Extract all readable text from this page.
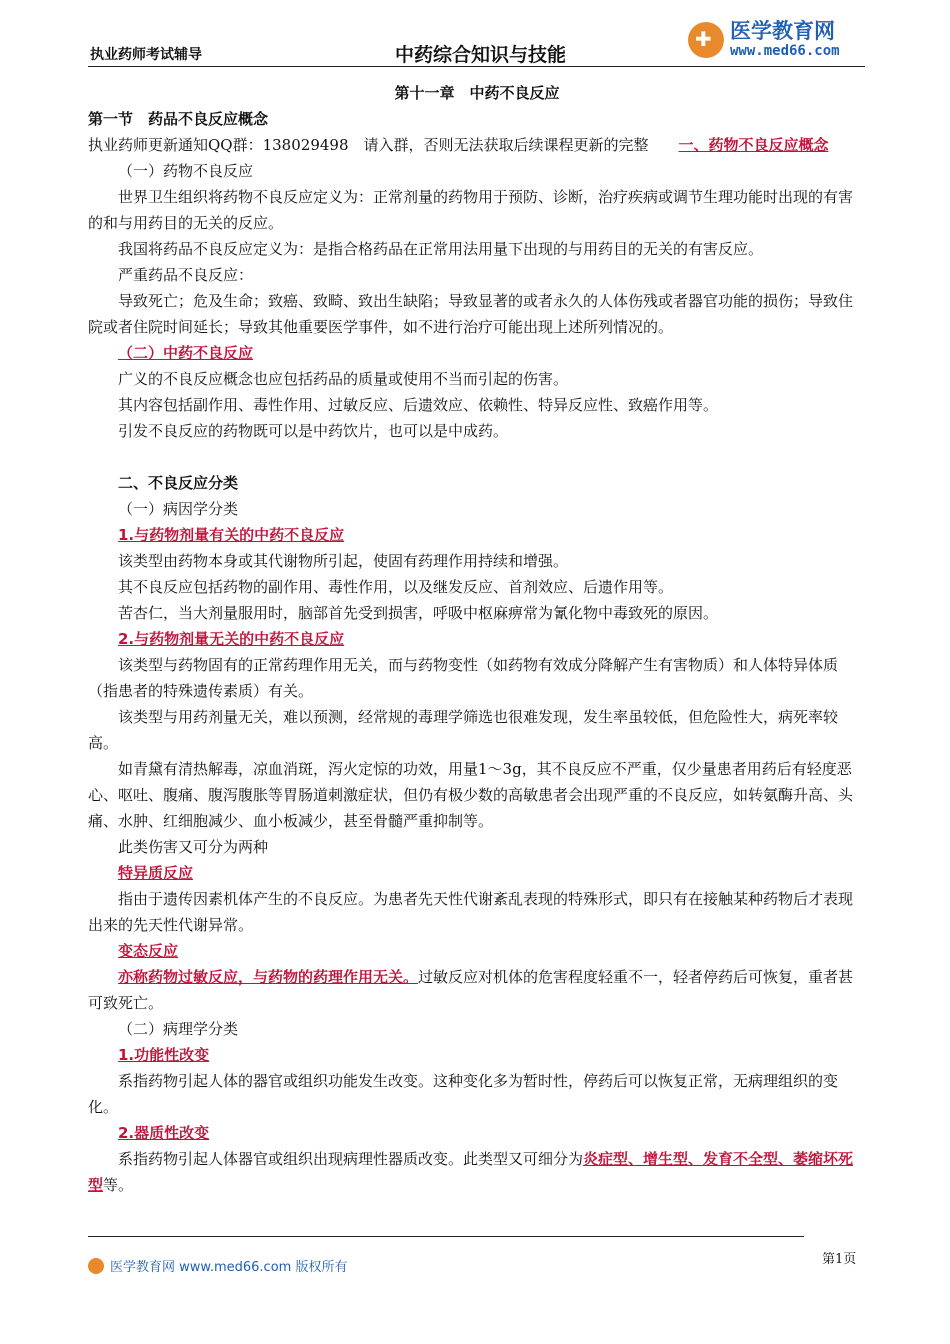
执业药师考试辅导	中药综合知识与技能
✚ 医学教育网
www.med66.com

第十一章　中药不良反应

第一节　药品不良反应概念

执业药师更新通知QQ群：138029498　请入群，否则无法获取后续课程更新的完整　　 一、药物不良反应概念

（一）药物不良反应

世界卫生组织将药物不良反应定义为：正常剂量的药物用于预防、诊断，治疗疾病或调节生理功能时出现的有害的和与用药目的无关的反应。

我国将药品不良反应定义为：是指合格药品在正常用法用量下出现的与用药目的无关的有害反应。

严重药品不良反应：

导致死亡；危及生命；致癌、致畸、致出生缺陷；导致显著的或者永久的人体伤残或者器官功能的损伤；导致住院或者住院时间延长；导致其他重要医学事件，如不进行治疗可能出现上述所列情况的。

（二）中药不良反应

广义的不良反应概念也应包括药品的质量或使用不当而引起的伤害。

其内容包括副作用、毒性作用、过敏反应、后遗效应、依赖性、特异反应性、致癌作用等。

引发不良反应的药物既可以是中药饮片，也可以是中成药。

二、不良反应分类

（一）病因学分类

1.与药物剂量有关的中药不良反应

该类型由药物本身或其代谢物所引起，使固有药理作用持续和增强。

其不良反应包括药物的副作用、毒性作用，以及继发反应、首剂效应、后遗作用等。

苦杏仁，当大剂量服用时，脑部首先受到损害，呼吸中枢麻痹常为氰化物中毒致死的原因。

2.与药物剂量无关的中药不良反应

该类型与药物固有的正常药理作用无关，而与药物变性（如药物有效成分降解产生有害物质）和人体特异体质（指患者的特殊遗传素质）有关。

该类型与用药剂量无关，难以预测，经常规的毒理学筛选也很难发现，发生率虽较低，但危险性大，病死率较高。

如青黛有清热解毒，凉血消斑，泻火定惊的功效，用量1～3g，其不良反应不严重，仅少量患者用药后有轻度恶心、呕吐、腹痛、腹泻腹胀等胃肠道刺激症状，但仍有极少数的高敏患者会出现严重的不良反应，如转氨酶升高、头痛、水肿、红细胞减少、血小板减少，甚至骨髓严重抑制等。

此类伤害又可分为两种

特异质反应

指由于遗传因素机体产生的不良反应。为患者先天性代谢紊乱表现的特殊形式，即只有在接触某种药物后才表现出来的先天性代谢异常。

变态反应

亦称药物过敏反应，与药物的药理作用无关。过敏反应对机体的危害程度轻重不一，轻者停药后可恢复，重者甚可致死亡。

（二）病理学分类

1.功能性改变

系指药物引起人体的器官或组织功能发生改变。这种变化多为暂时性，停药后可以恢复正常，无病理组织的变化。

2.器质性改变

系指药物引起人体器官或组织出现病理性器质改变。此类型又可细分为炎症型、增生型、发育不全型、萎缩坏死型等。

医学教育网 www.med66.com 版权所有
第1页
